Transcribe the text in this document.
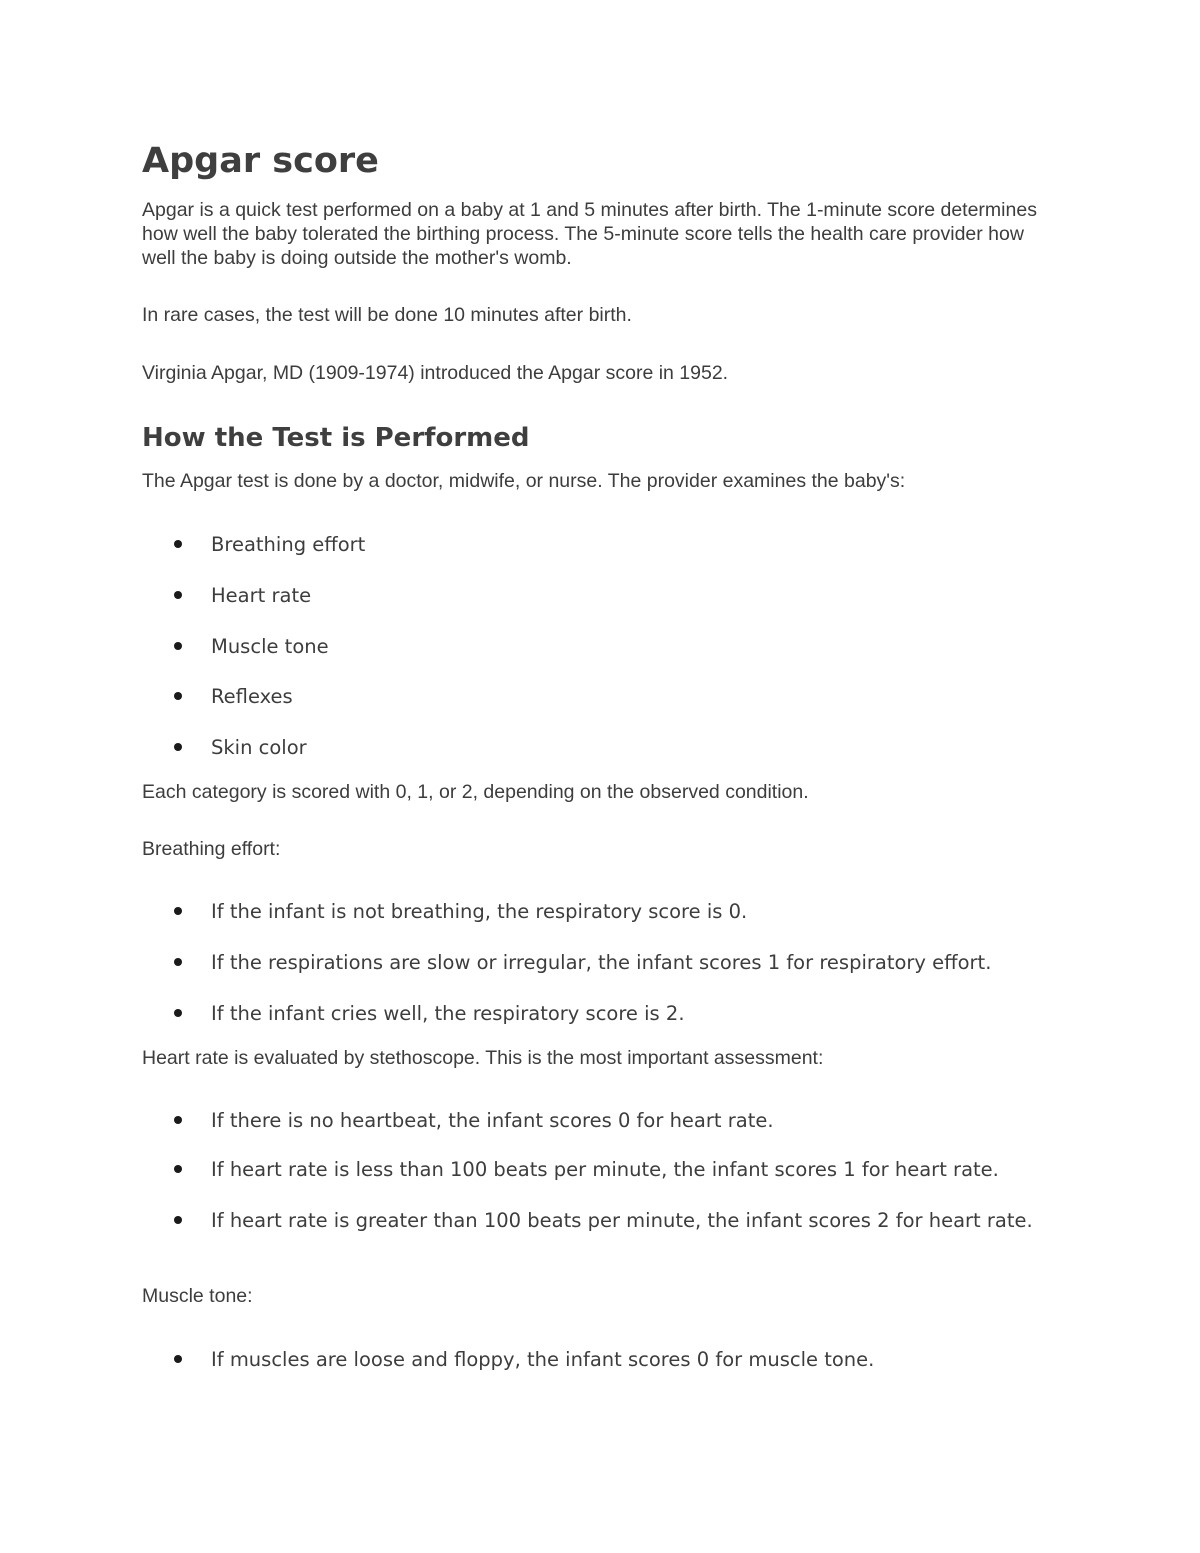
Apgar score

Apgar is a quick test performed on a baby at 1 and 5 minutes after birth. The 1-minute score determines how well the baby tolerated the birthing process. The 5-minute score tells the health care provider how well the baby is doing outside the mother's womb.

In rare cases, the test will be done 10 minutes after birth.

Virginia Apgar, MD (1909-1974) introduced the Apgar score in 1952.

How the Test is Performed

The Apgar test is done by a doctor, midwife, or nurse. The provider examines the baby's:

Breathing effort
Heart rate
Muscle tone
Reflexes
Skin color

Each category is scored with 0, 1, or 2, depending on the observed condition.

Breathing effort:

If the infant is not breathing, the respiratory score is 0.
If the respirations are slow or irregular, the infant scores 1 for respiratory effort.
If the infant cries well, the respiratory score is 2.

Heart rate is evaluated by stethoscope. This is the most important assessment:

If there is no heartbeat, the infant scores 0 for heart rate.
If heart rate is less than 100 beats per minute, the infant scores 1 for heart rate.
If heart rate is greater than 100 beats per minute, the infant scores 2 for heart rate.

Muscle tone:

If muscles are loose and floppy, the infant scores 0 for muscle tone.
